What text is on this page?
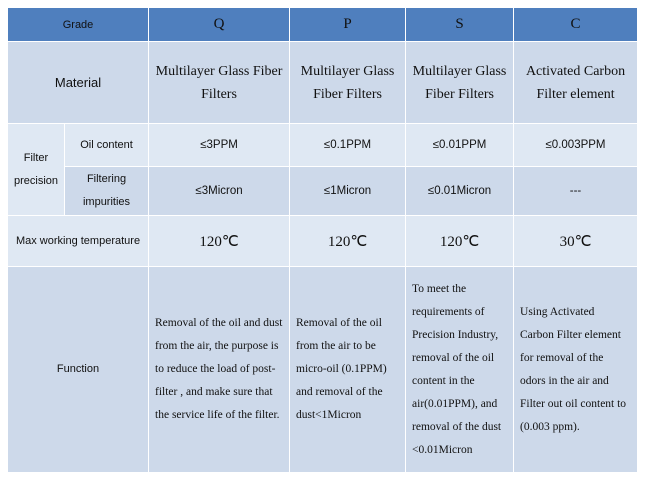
Grade		Q	P	S	C
Material		Multilayer Glass Fiber Filters	Multilayer Glass Fiber Filters	Multilayer Glass Fiber Filters	Activated Carbon Filter element
Filter precision	Oil content	≤3PPM	≤0.1PPM	≤0.01PPM	≤0.003PPM
	Filtering impurities	≤3Micron	≤1Micron	≤0.01Micron	---
Max working temperature		120℃	120℃	120℃	30℃
Function		Removal of the oil and dust from the air, the purpose is to reduce the load of post-filter , and make sure that the service life of the filter.	Removal of the oil from the air to be micro-oil (0.1PPM) and removal of the dust<1Micron	To meet the requirements of Precision Industry, removal of the oil content in the air(0.01PPM), and removal of the dust <0.01Micron	Using Activated Carbon Filter element for removal of the odors in the air and Filter out oil content to (0.003 ppm).
